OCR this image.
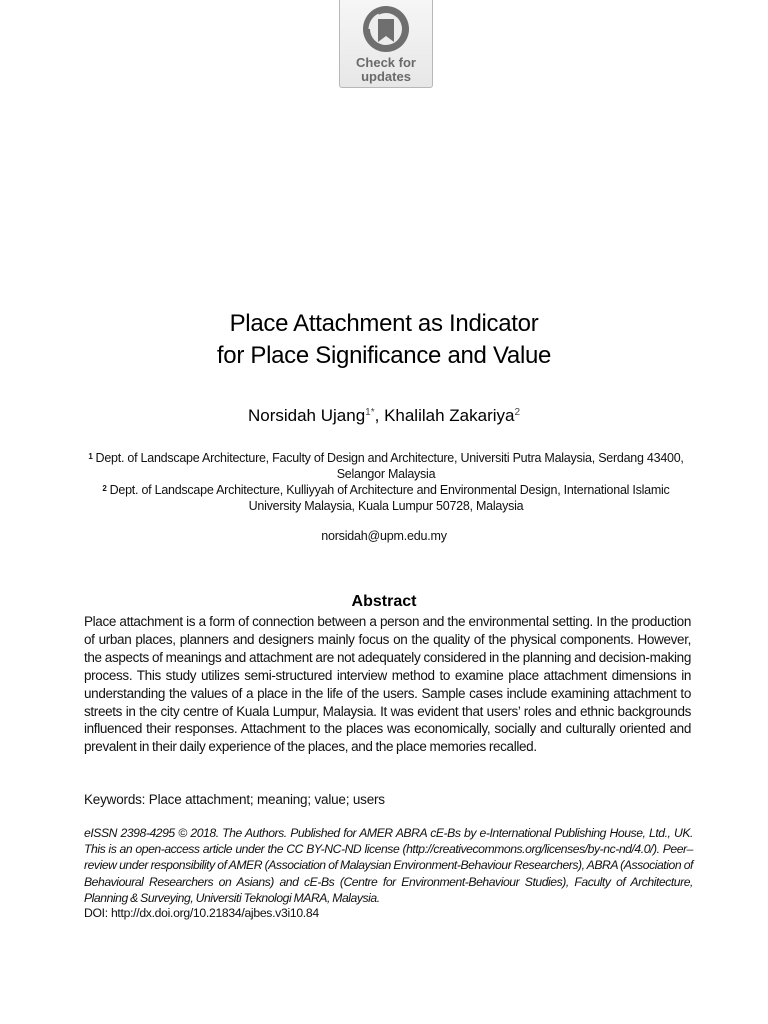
Check for
updates
Place Attachment as Indicator
for Place Significance and Value
Norsidah Ujang$^{1*}$, Khalilah Zakariya$^2$
$^1$ Dept. of Landscape Architecture, Faculty of Design and Architecture, Universiti Putra Malaysia, Serdang 43400, Selangor Malaysia
$^2$ Dept. of Landscape Architecture, Kulliyyah of Architecture and Environmental Design, International Islamic University Malaysia, Kuala Lumpur 50728, Malaysia
norsidah@upm.edu.my
Abstract
Place attachment is a form of connection between a person and the environmental setting. In the production of urban places, planners and designers mainly focus on the quality of the physical components. However, the aspects of meanings and attachment are not adequately considered in the planning and decision-making process. This study utilizes semi-structured interview method to examine place attachment dimensions in understanding the values of a place in the life of the users. Sample cases include examining attachment to streets in the city centre of Kuala Lumpur, Malaysia. It was evident that users’ roles and ethnic backgrounds influenced their responses. Attachment to the places was economically, socially and culturally oriented and prevalent in their daily experience of the places, and the place memories recalled.
Keywords: Place attachment; meaning; value; users
eISSN 2398-4295 © 2018. The Authors. Published for AMER ABRA cE-Bs by e-International Publishing House, Ltd., UK. This is an open-access article under the CC BY-NC-ND license (http://creativecommons.org/licenses/by-nc-nd/4.0/). Peer–review under responsibility of AMER (Association of Malaysian Environment-Behaviour Researchers), ABRA (Association of Behavioural Researchers on Asians) and cE-Bs (Centre for Environment-Behaviour Studies), Faculty of Architecture, Planning & Surveying, Universiti Teknologi MARA, Malaysia.
DOI: http://dx.doi.org/10.21834/ajbes.v3i10.84
